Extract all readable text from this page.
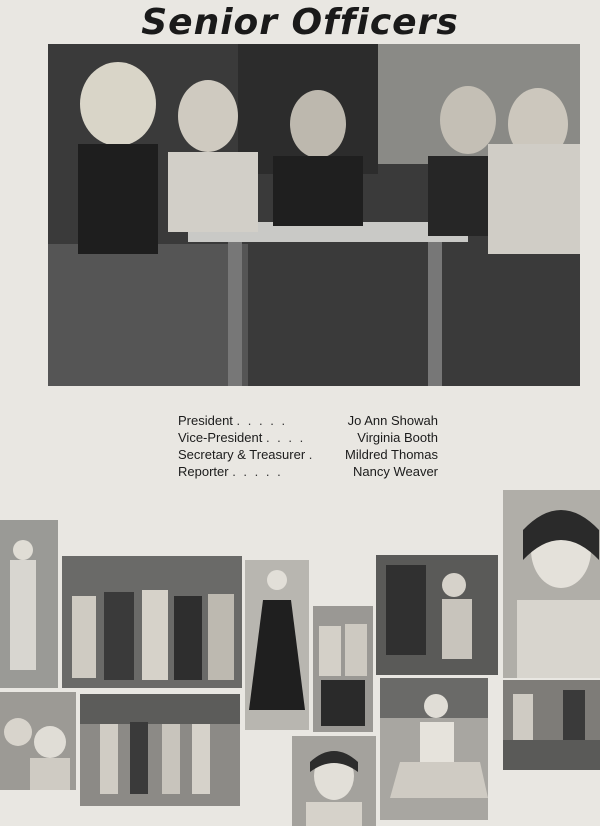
Senior Officers
President . . . . .	Jo Ann Showah
Vice-President . . . .	Virginia Booth
Secretary & Treasurer . Mildred Thomas
Reporter . . . . .	Nancy Weaver
